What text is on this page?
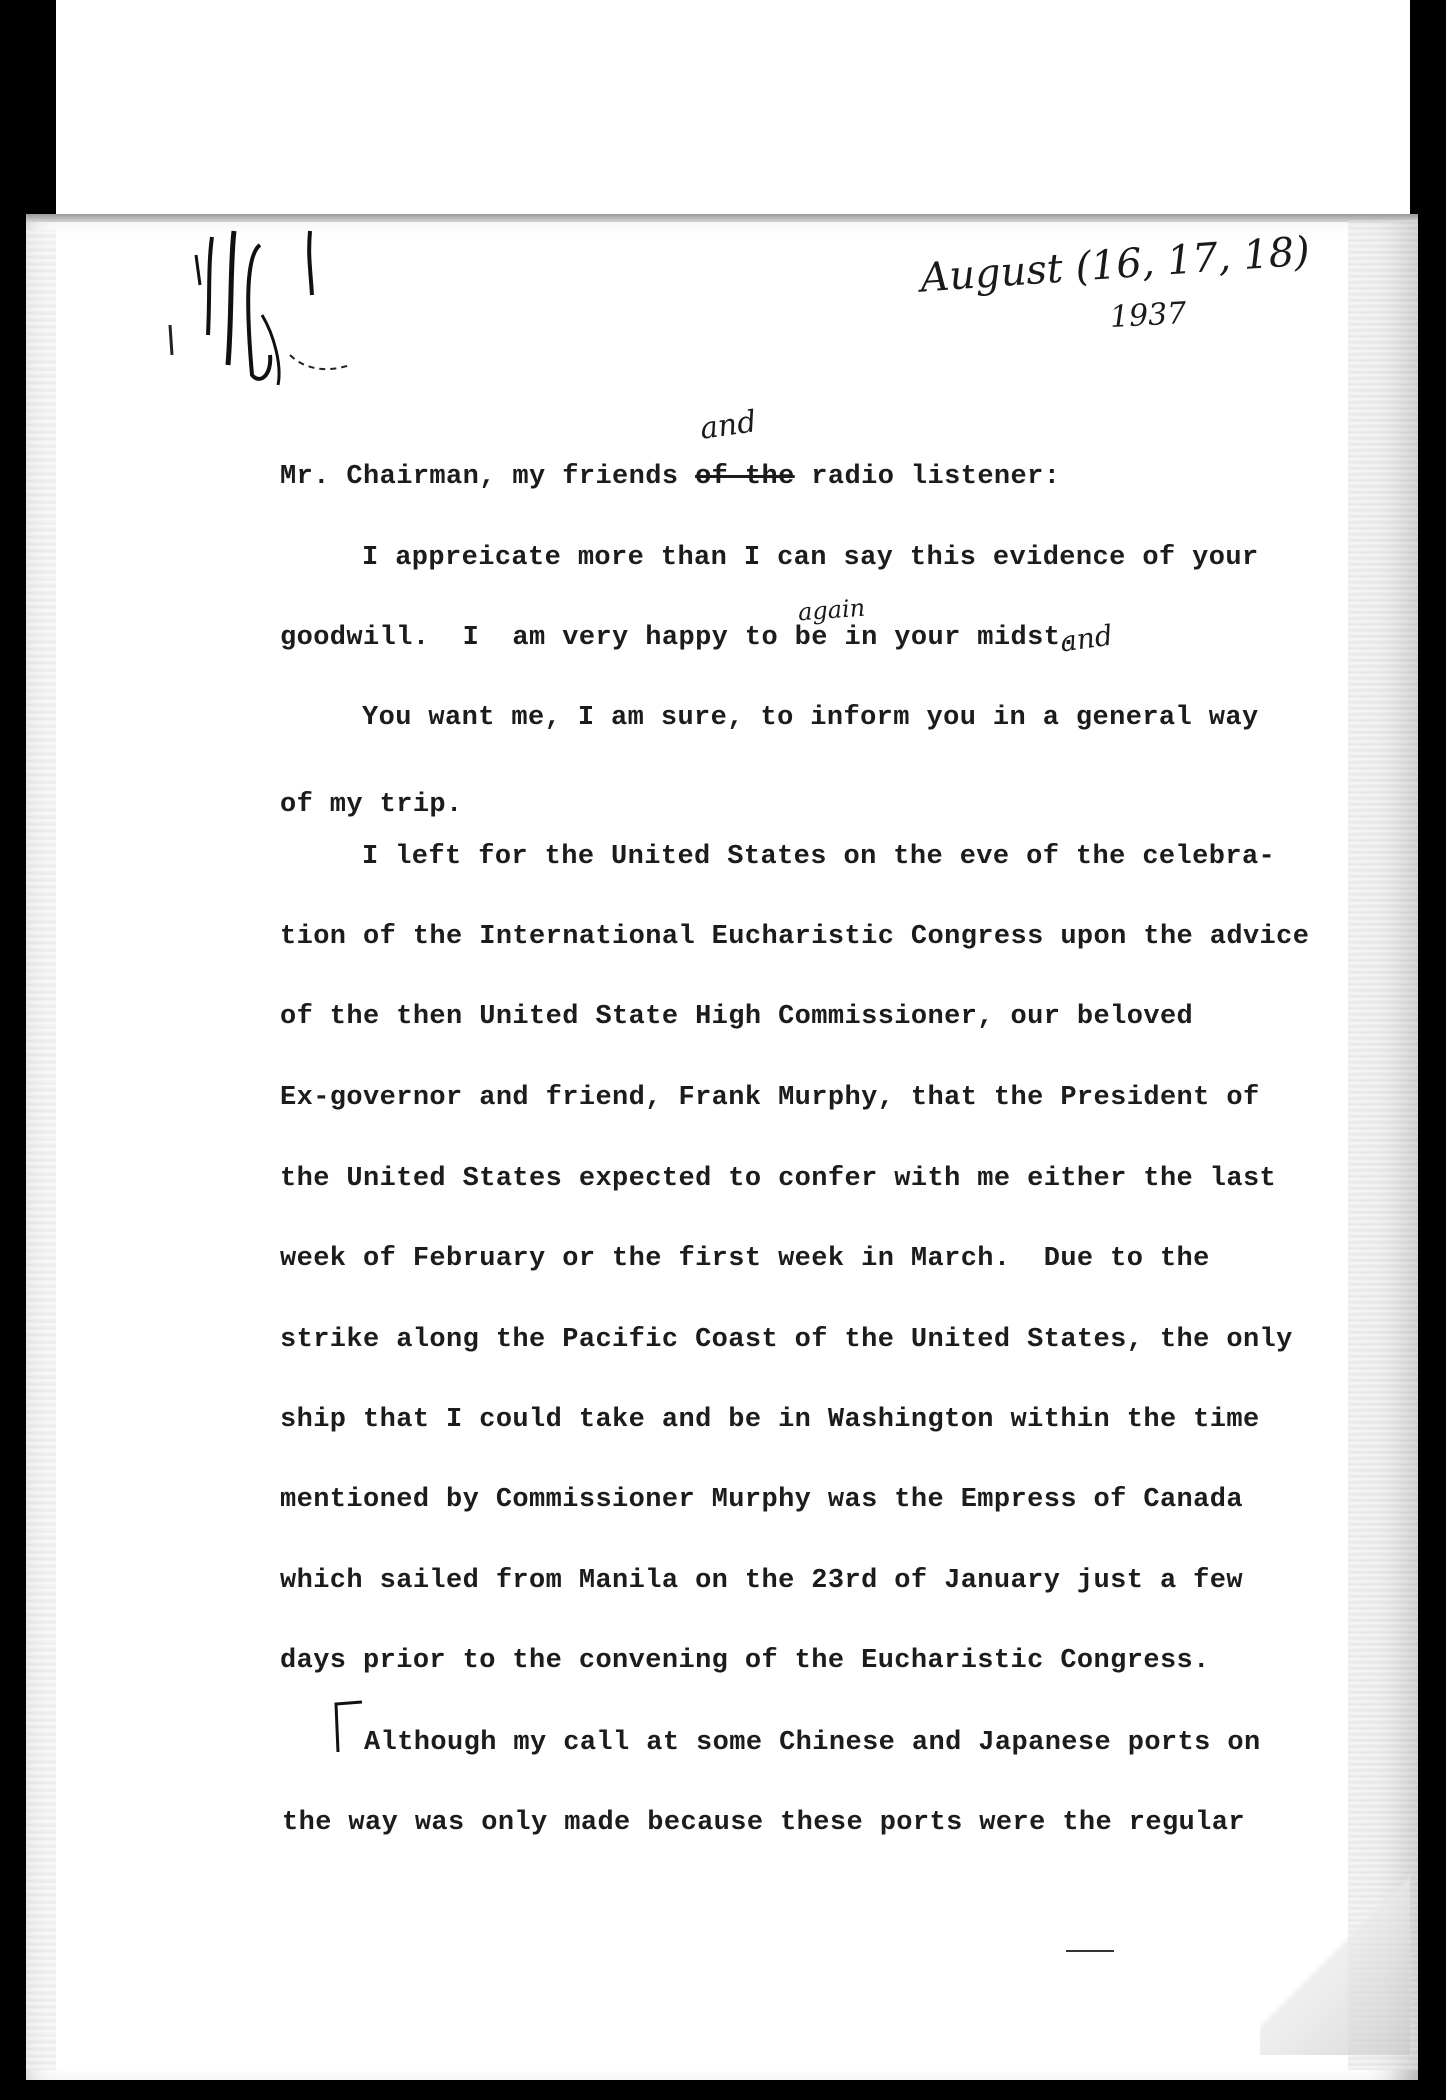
August (16, 17, 18)
1937
and
again
and
Mr. Chairman, my friends of the radio listener:
I appreicate more than I can say this evidence of your
goodwill.  I  am very happy to be in your midst.
You want me, I am sure, to inform you in a general way
of my trip.
I left for the United States on the eve of the celebra-
tion of the International Eucharistic Congress upon the advice
of the then United State High Commissioner, our beloved
Ex-governor and friend, Frank Murphy, that the President of
the United States expected to confer with me either the last
week of February or the first week in March.  Due to the
strike along the Pacific Coast of the United States, the only
ship that I could take and be in Washington within the time
mentioned by Commissioner Murphy was the Empress of Canada
which sailed from Manila on the 23rd of January just a few
days prior to the convening of the Eucharistic Congress.
Although my call at some Chinese and Japanese ports on
the way was only made because these ports were the regular
